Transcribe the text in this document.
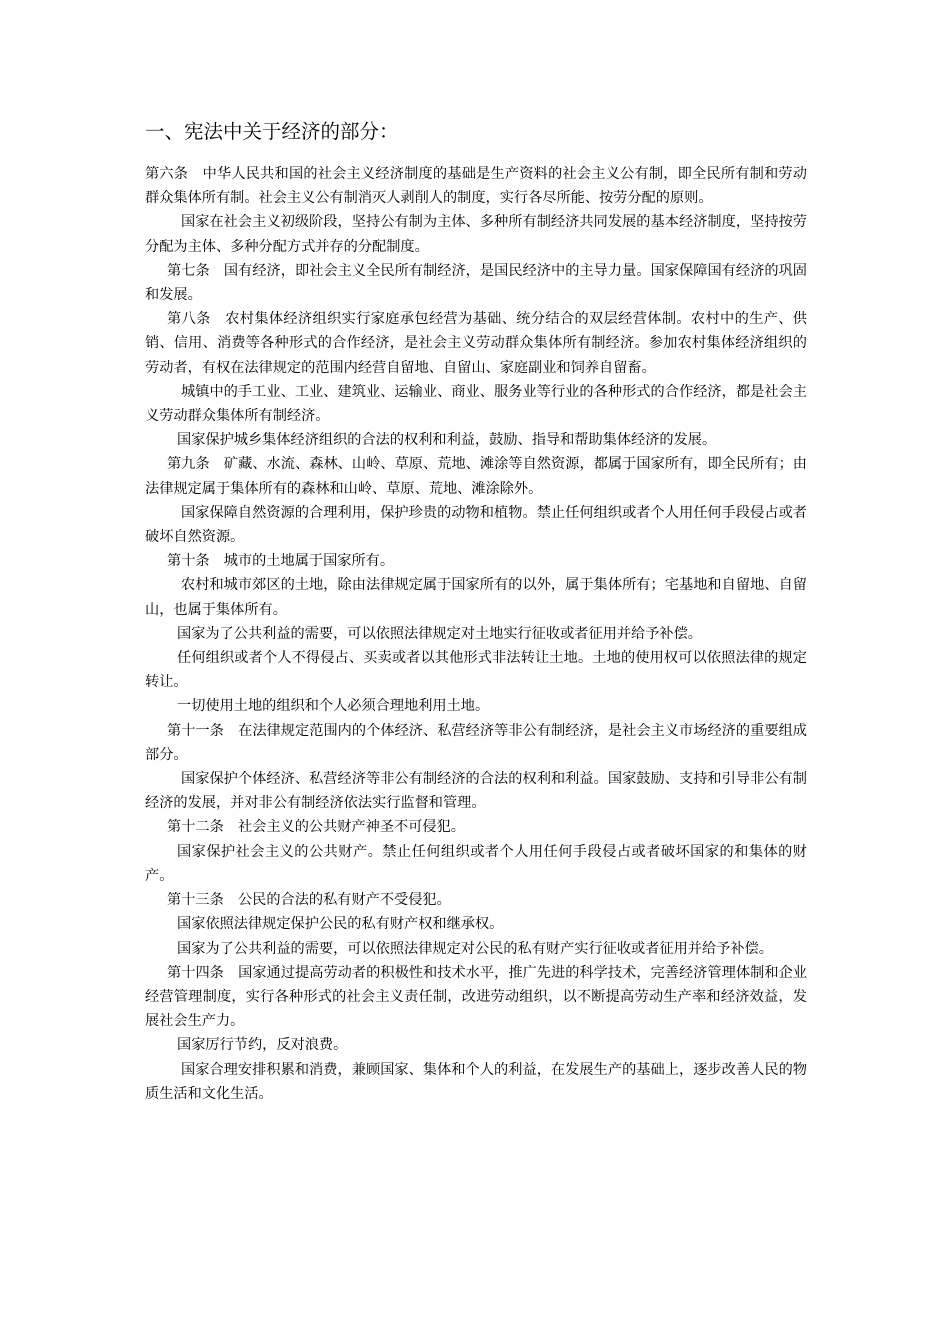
一、宪法中关于经济的部分：

第六条　中华人民共和国的社会主义经济制度的基础是生产资料的社会主义公有制，即全民所有制和劳动群众集体所有制。社会主义公有制消灭人剥削人的制度，实行各尽所能、按劳分配的原则。

国家在社会主义初级阶段，坚持公有制为主体、多种所有制经济共同发展的基本经济制度，坚持按劳分配为主体、多种分配方式并存的分配制度。

第七条　国有经济，即社会主义全民所有制经济，是国民经济中的主导力量。国家保障国有经济的巩固和发展。

第八条　农村集体经济组织实行家庭承包经营为基础、统分结合的双层经营体制。农村中的生产、供销、信用、消费等各种形式的合作经济，是社会主义劳动群众集体所有制经济。参加农村集体经济组织的劳动者，有权在法律规定的范围内经营自留地、自留山、家庭副业和饲养自留畜。

城镇中的手工业、工业、建筑业、运输业、商业、服务业等行业的各种形式的合作经济，都是社会主义劳动群众集体所有制经济。

国家保护城乡集体经济组织的合法的权利和利益，鼓励、指导和帮助集体经济的发展。

第九条　矿藏、水流、森林、山岭、草原、荒地、滩涂等自然资源，都属于国家所有，即全民所有；由法律规定属于集体所有的森林和山岭、草原、荒地、滩涂除外。

国家保障自然资源的合理利用，保护珍贵的动物和植物。禁止任何组织或者个人用任何手段侵占或者破坏自然资源。

第十条　城市的土地属于国家所有。

农村和城市郊区的土地，除由法律规定属于国家所有的以外，属于集体所有；宅基地和自留地、自留山，也属于集体所有。

国家为了公共利益的需要，可以依照法律规定对土地实行征收或者征用并给予补偿。

任何组织或者个人不得侵占、买卖或者以其他形式非法转让土地。土地的使用权可以依照法律的规定转让。

一切使用土地的组织和个人必须合理地利用土地。

第十一条　在法律规定范围内的个体经济、私营经济等非公有制经济，是社会主义市场经济的重要组成部分。

国家保护个体经济、私营经济等非公有制经济的合法的权利和利益。国家鼓励、支持和引导非公有制经济的发展，并对非公有制经济依法实行监督和管理。

第十二条　社会主义的公共财产神圣不可侵犯。

国家保护社会主义的公共财产。禁止任何组织或者个人用任何手段侵占或者破坏国家的和集体的财产。

第十三条　公民的合法的私有财产不受侵犯。

国家依照法律规定保护公民的私有财产权和继承权。

国家为了公共利益的需要，可以依照法律规定对公民的私有财产实行征收或者征用并给予补偿。

第十四条　国家通过提高劳动者的积极性和技术水平，推广先进的科学技术，完善经济管理体制和企业经营管理制度，实行各种形式的社会主义责任制，改进劳动组织，以不断提高劳动生产率和经济效益，发展社会生产力。

国家厉行节约，反对浪费。

国家合理安排积累和消费，兼顾国家、集体和个人的利益，在发展生产的基础上，逐步改善人民的物质生活和文化生活。
